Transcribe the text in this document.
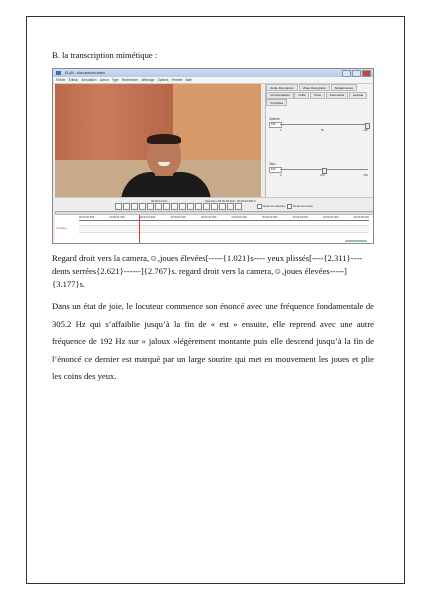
B. la transcription mimétique :
ELAN - Mon-archivo-vidéo
Fichier Édition Annotation Acteur Type Rechercher Affichage Options Fenêtre Aide
Audio Recognizer	Video Recognizer	Métadonnées
Commentaires	Grille	Texte	Sous-titres	Lexique
Contrôles
Volume
100
0	50	100
Taux
100
0	100	200
00:00:01.021	Sélection: 00:00:00.000 - 00:00:00.000 0
Mode de sélection	Mode de boucle
00:00:00.500	00:00:01.000	00:00:01.500	00:00:02.000	00:00:02.500	00:00:03.000	00:00:03.500	00:00:04.000	00:00:04.500	00:00:05.000
mimique
Regard droit vers la camera,☺,joues élevées[-----{1.021}s---- yeux plissés[----{2.311}----dents serrées{2.621}------]{2.767}s. regard droit vers la camera,☺,joues élevées-----]{3.177}s.
Dans un état de joie, le locuteur commence son énoncé avec une fréquence fondamentale de 305.2 Hz qui s’affaiblie jusqu’à la fin de « est » ensuite, elle reprend avec une autre fréquence de 192 Hz sur « jaloux »légèrement montante puis elle descend jusqu’à la fin de l’énoncé ce dernier est marqué par un large sourire qui met en mouvement les joues et plie les coins des yeux.
